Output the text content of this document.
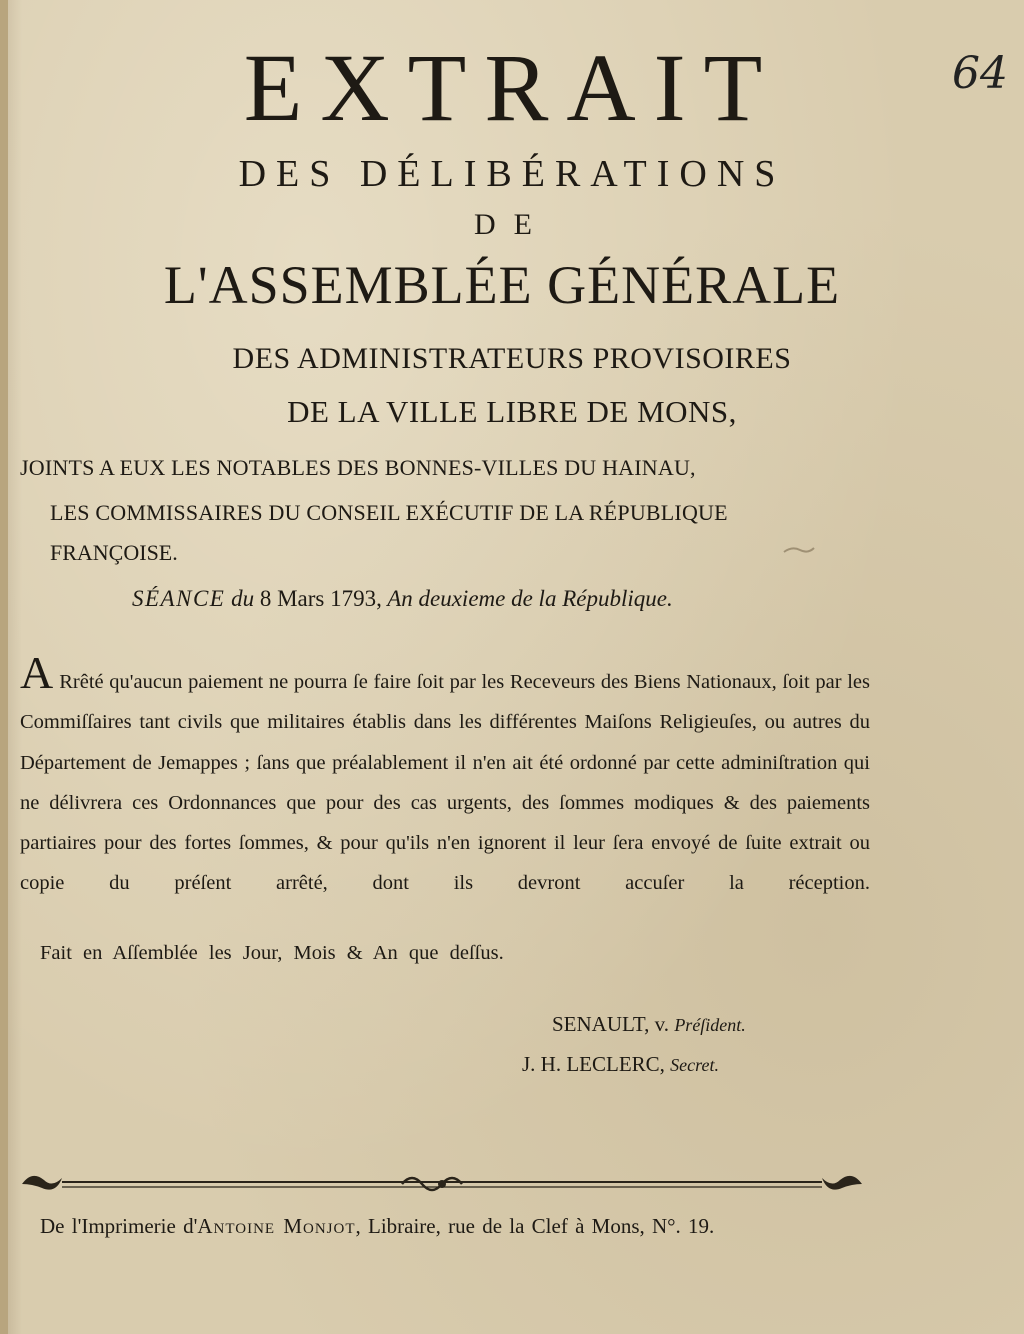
64
EXTRAIT
DES DÉLIBÉRATIONS
DE
L'ASSEMBLÉE GÉNÉRALE
DES ADMINISTRATEURS PROVISOIRES
DE LA VILLE LIBRE DE MONS,
JOINTS A EUX LES NOTABLES DES BONNES-VILLES DU HAINAU,
LES COMMISSAIRES DU CONSEIL EXÉCUTIF DE LA RÉPUBLIQUE
FRANÇOISE.
SÉANCE du 8 Mars 1793, An deuxieme de la République.
A Rrêté qu'aucun paiement ne pourra ſe faire ſoit par les Receveurs des Biens Nationaux, ſoit par les Commiſſaires tant civils que militaires établis dans les différentes Maiſons Religieuſes, ou autres du Département de Jemappes ; ſans que préalablement il n'en ait été ordonné par cette adminiſtration qui ne délivrera ces Ordonnances que pour des cas urgents, des ſommes modiques & des paiements partiaires pour des fortes ſommes, & pour qu'ils n'en ignorent il leur ſera envoyé de ſuite extrait ou copie du préſent arrêté, dont ils devront accuſer la réception.
Fait en Aſſemblée les Jour, Mois & An que deſſus.
SENAULT, v. Préſident.
J. H. LECLERC, Secret.
De l'Imprimerie d'Antoine Monjot, Libraire, rue de la Clef à Mons, N°. 19.
